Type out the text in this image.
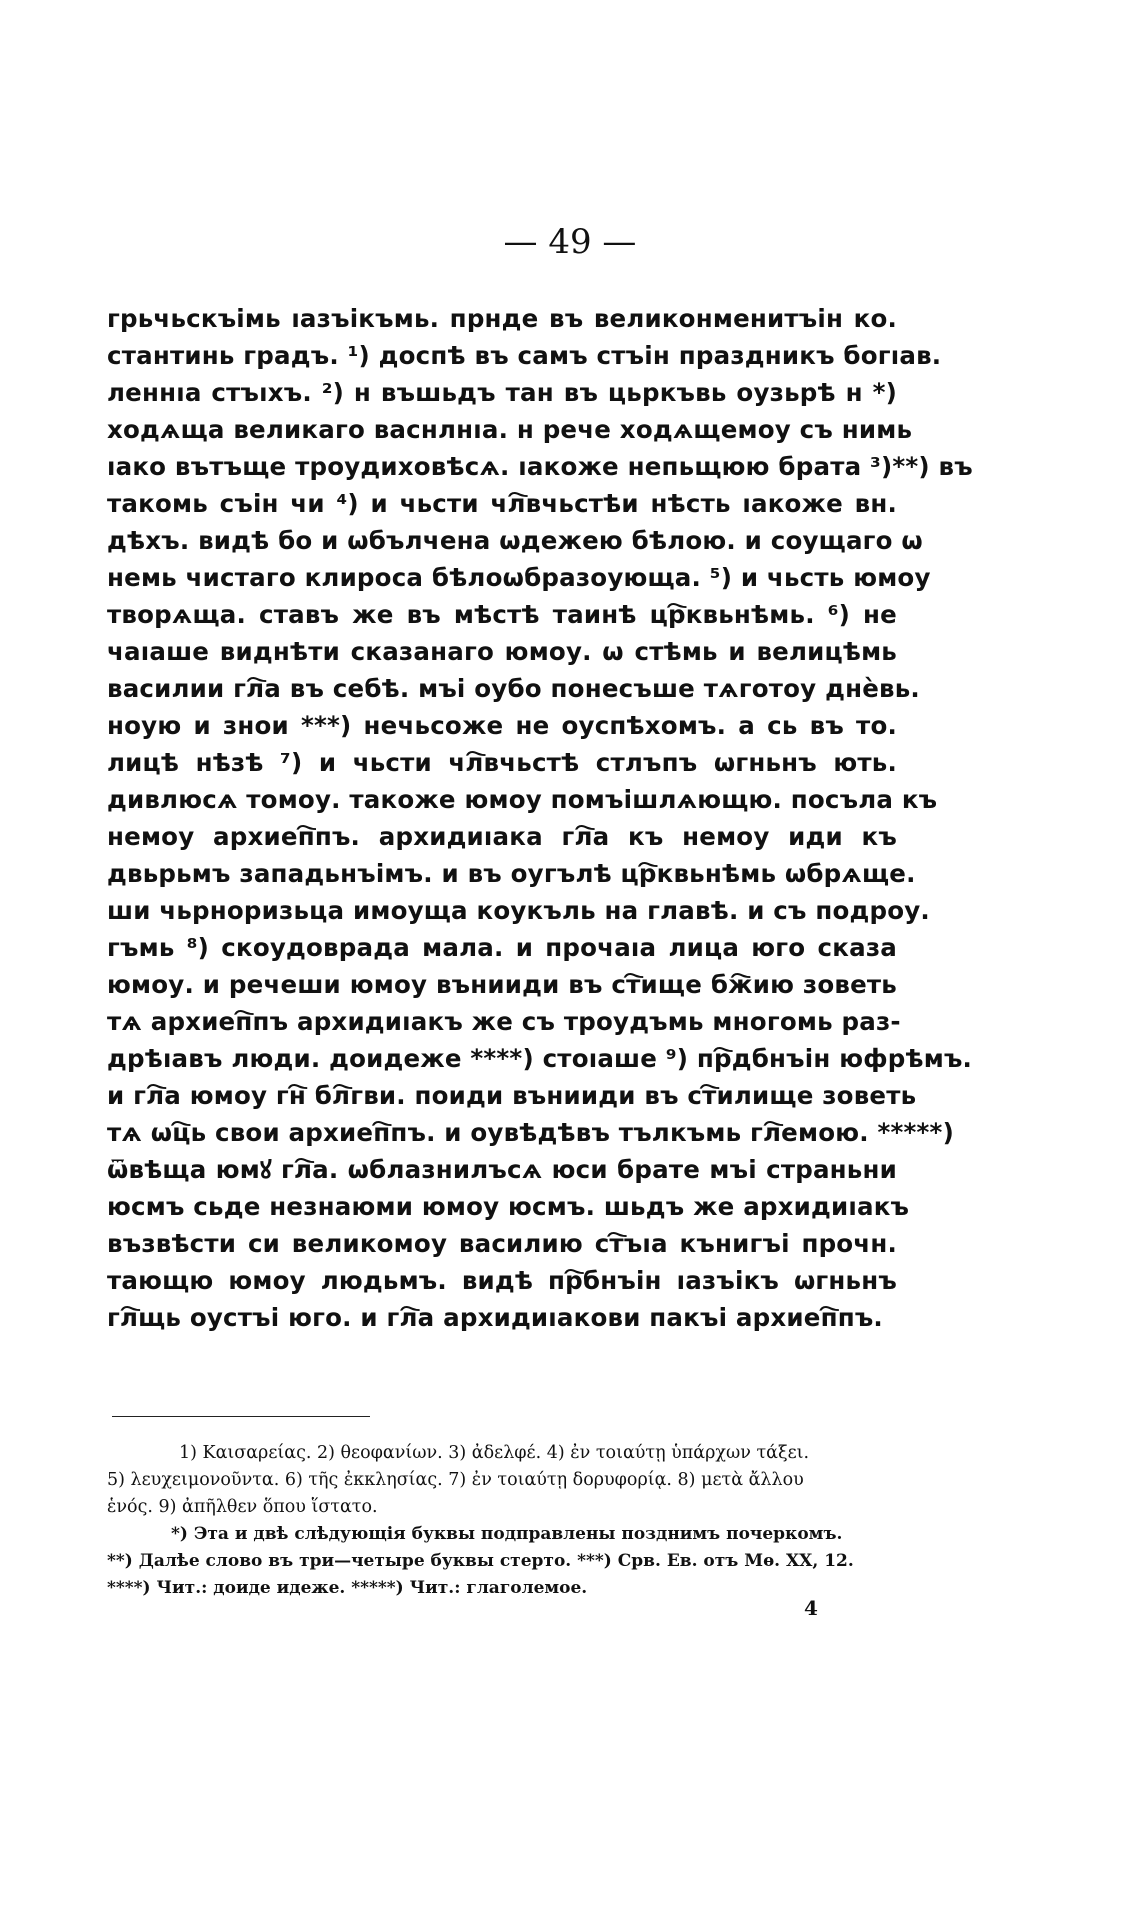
— 49 —
грьчьскъімь ıазъікъмь. прнде въ великонменитъін ко.
стантинь градъ. ¹) доспѣ въ самъ стъін праздникъ богıав.
леннıа стъıхъ. ²) н въшьдъ тан въ цьркъвь оузьрѣ н *)
ходѧща великаго васнлнıа. н рече ходѧщемоу съ нимь
ıако вътъще троудиховѣсѧ. ıакоже непьщюю брата ³)**) въ
такомь съін чи ⁴) и чьсти чл҇вчьстѣи нѣсть ıакоже вн.
дѣхъ. видѣ бо и ѡбълчена ѡдежею бѣлою. и соущаго ѡ
немь чистаго клироса бѣлоѡбразоующа. ⁵) и чьсть юмоу
творѧща. ставъ же въ мѣстѣ таинѣ цр҇квьнѣмь. ⁶) не
чаıаше виднѣти сказанаго юмоу. ѡ стѣмь и велицѣмь
василии гл҇а въ себѣ. мъі оубо понесъше тѧготоу днѐвь.
ноую и знои ***) нечьсоже не оуспѣхомъ. а сь въ то.
лицѣ нѣзѣ ⁷) и чьсти чл҇вчьстѣ стлъпъ ѡгньнъ ють.
дивлюсѧ томоу. такоже юмоу помъішлѧющю. посъла къ
немоу архиеп҇пъ. архидиıака гл҇а къ немоу иди къ
двьрьмъ западьнъімъ. и въ оугълѣ цр҇квьнѣмь ѡбрѧще.
ши чьрноризьца имоуща коукъль на главѣ. и съ подроу.
гъмь ⁸) скоудоврада мала. и прочаıа лица юго сказа
юмоу. и речеши юмоу вънииди въ ст҇ище бж҇ию зоветь
тѧ архиеп҇пъ архидиıакъ же съ троудъмь многомь раз-
дрѣıавъ люди. доидеже ****) стоıаше ⁹) пр҇дбнъін юфрѣмъ.
и гл҇а юмоу гн҇ бл҇гви. поиди вънииди въ ст҇илище зоветь
тѧ ѡц҇ь свои архиеп҇пъ. и оувѣдѣвъ тълкъмь гл҇емою. *****)
ѿвѣща юмꙋ гл҇а. ѡблазнилъсѧ юси брате мъі страньни
юсмъ сьде незнаюми юмоу юсмъ. шьдъ же архидиıакъ
възвѣсти си великомоу василию ст҇ъıа кънигъі прочн.
тающю юмоу людьмъ. видѣ пр҇бнъін ıазъікъ ѡгньнъ
гл҇щь оустъі юго. и гл҇а архидиıакови пакъі архиеп҇пъ.
1) Καισαρείας. 2) θεοφανίων. 3) ἀδελφέ. 4) ἐν τοιαύτῃ ὑπάρχων τάξει.
5) λευχειμονοῦντα. 6) τῆς ἐκκλησίας. 7) ἐν τοιαύτῃ δορυφορίᾳ. 8) μετὰ ἄλλου
ἑνός. 9) ἀπῆλθεν ὅπου ἵστατο.
*) Эта и двѣ слѣдующія буквы подправлены позднимъ почеркомъ.
**) Далѣе слово въ три—четыре буквы стерто. ***) Срв. Ев. отъ Мѳ. XX, 12.
****) Чит.: доиде идеже. *****) Чит.: глаголемое.
4
